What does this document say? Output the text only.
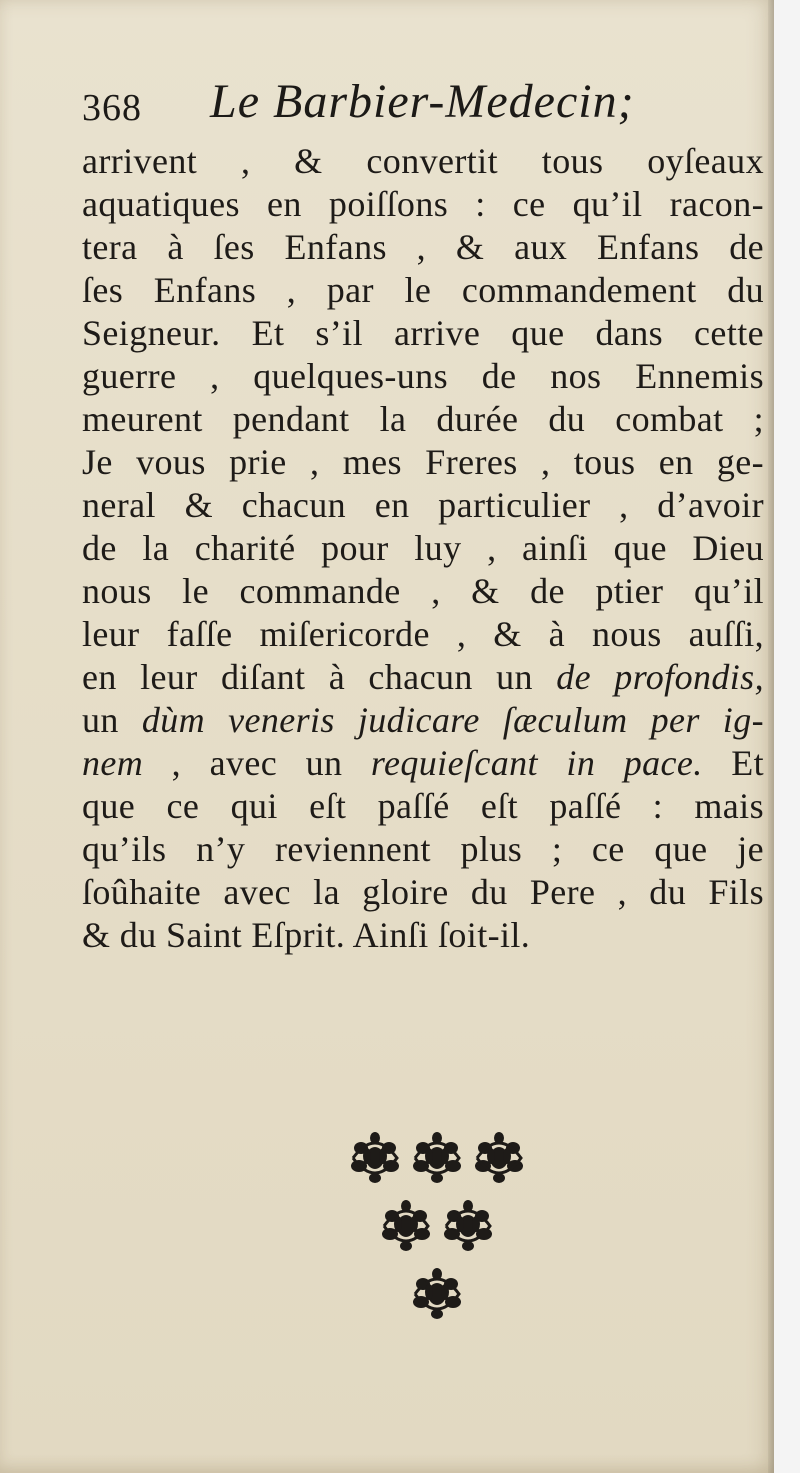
368 Le Barbier-Medecin;
arrivent , & convertit tous oyſeaux
aquatiques en poiſſons : ce qu’il racon-
tera à ſes Enfans , & aux Enfans de
ſes Enfans , par le commandement du
Seigneur. Et s’il arrive que dans cette
guerre , quelques-uns de nos Ennemis
meurent pendant la durée du combat ;
Je vous prie , mes Freres , tous en ge-
neral & chacun en particulier , d’avoir
de la charité pour luy , ainſi que Dieu
nous le commande , & de ptier qu’il
leur faſſe miſericorde , & à nous auſſi,
en leur diſant à chacun un de profondis,
un dùm veneris judicare ſæculum per ig-
nem , avec un requieſcant in pace. Et
que ce qui eſt paſſé eſt paſſé : mais
qu’ils n’y reviennent plus ; ce que je
ſoûhaite avec la gloire du Pere , du Fils
& du Saint Eſprit. Ainſi ſoit-il.
